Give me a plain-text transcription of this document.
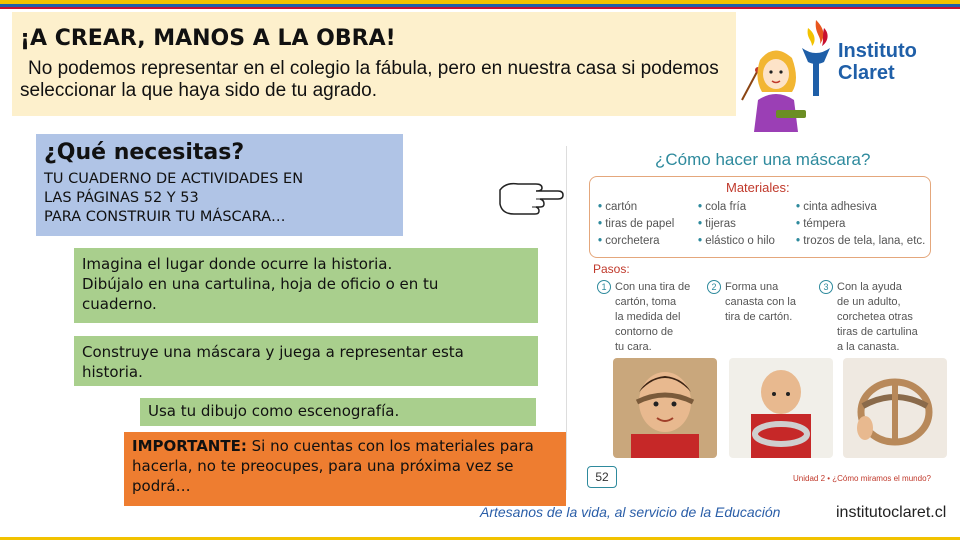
¡A CREAR, MANOS A LA OBRA!
No podemos representar en el colegio la fábula, pero en nuestra casa si podemos seleccionar la que haya sido de tu agrado.
Instituto
Claret
¿Qué necesitas?
TU CUADERNO DE ACTIVIDADES EN
LAS PÁGINAS 52 Y 53
PARA CONSTRUIR TU MÁSCARA…
Imagina el lugar donde ocurre la historia.
Dibújalo en una cartulina, hoja de oficio o en tu
cuaderno.
Construye una máscara y juega a representar esta
historia.
Usa tu dibujo como escenografía.
IMPORTANTE: Si no cuentas con los materiales para hacerla, no te preocupes, para una próxima vez se podrá…
¿Cómo hacer una máscara?
Materiales:
• cartón
• tiras de papel
• corchetera
• cola fría
• tijeras
• elástico o hilo
• cinta adhesiva
• témpera
• trozos de tela, lana, etc.
Pasos:
1 Con una tira de
cartón, toma
la medida del
contorno de
tu cara.
2 Forma una
canasta con la
tira de cartón.
3 Con la ayuda
de un adulto,
corchetea otras
tiras de cartulina
a la canasta.
52	Unidad 2 • ¿Cómo miramos el mundo?
Artesanos de la vida, al servicio de la Educación	institutoclaret.cl
